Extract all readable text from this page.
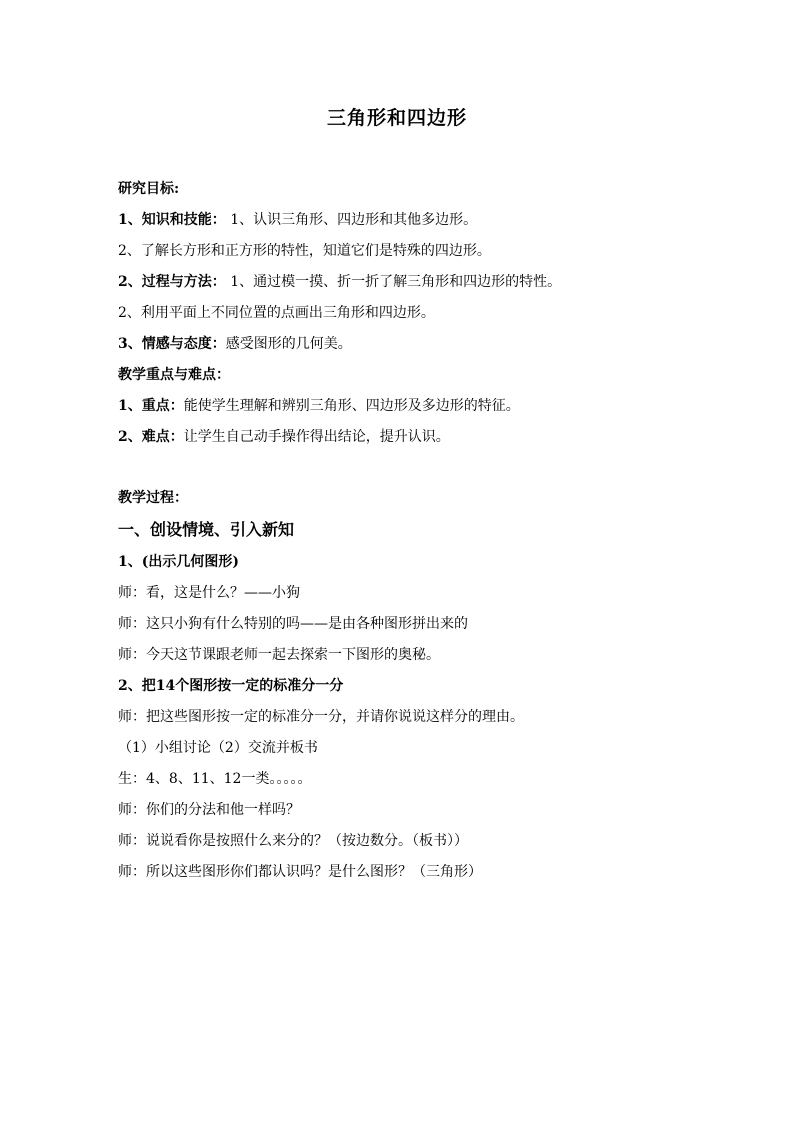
三角形和四边形
研究目标:
1、知识和技能： 1、认识三角形、四边形和其他多边形。
2、了解长方形和正方形的特性，知道它们是特殊的四边形。
2、过程与方法： 1、通过模一摸、折一折了解三角形和四边形的特性。
2、利用平面上不同位置的点画出三角形和四边形。
3、情感与态度：感受图形的几何美。
教学重点与难点：
1、重点：能使学生理解和辨别三角形、四边形及多边形的特征。
2、难点：让学生自己动手操作得出结论，提升认识。
教学过程：
一、创设情境、引入新知
1、(出示几何图形)
师：看，这是什么？——小狗
师：这只小狗有什么特别的吗——是由各种图形拼出来的
师：今天这节课跟老师一起去探索一下图形的奥秘。
2、把14个图形按一定的标准分一分
师：把这些图形按一定的标准分一分，并请你说说这样分的理由。
（1）小组讨论（2）交流并板书
生：4、8、11、12一类。。。。。
师：你们的分法和他一样吗？
师：说说看你是按照什么来分的？（按边数分。（板书））
师：所以这些图形你们都认识吗？是什么图形？（三角形）
